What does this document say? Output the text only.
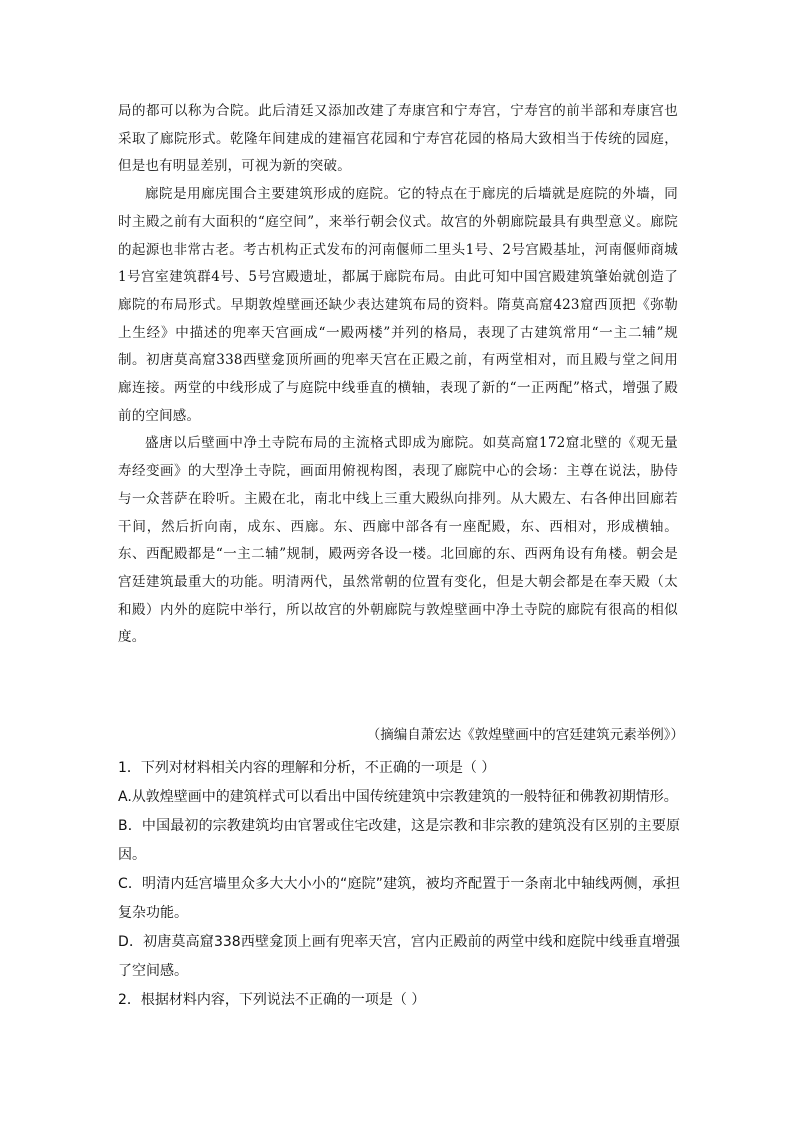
局的都可以称为合院。此后清廷又添加改建了寿康宫和宁寿宫，宁寿宫的前半部和寿康宫也采取了廊院形式。乾隆年间建成的建福宫花园和宁寿宫花园的格局大致相当于传统的园庭，但是也有明显差别，可视为新的突破。

廊院是用廊庑围合主要建筑形成的庭院。它的特点在于廊庑的后墙就是庭院的外墙，同时主殿之前有大面积的“庭空间”，来举行朝会仪式。故宫的外朝廊院最具有典型意义。廊院的起源也非常古老。考古机构正式发布的河南偃师二里头1号、2号宫殿基址，河南偃师商城1号宫室建筑群4号、5号宫殿遗址，都属于廊院布局。由此可知中国宫殿建筑肇始就创造了廊院的布局形式。早期敦煌壁画还缺少表达建筑布局的资料。隋莫高窟423窟西顶把《弥勒上生经》中描述的兜率天宫画成“一殿两楼”并列的格局，表现了古建筑常用“一主二辅”规制。初唐莫高窟338西壁龛顶所画的兜率天宫在正殿之前，有两堂相对，而且殿与堂之间用廊连接。两堂的中线形成了与庭院中线垂直的横轴，表现了新的“一正两配”格式，增强了殿前的空间感。

盛唐以后壁画中净土寺院布局的主流格式即成为廊院。如莫高窟172窟北壁的《观无量寿经变画》的大型净土寺院，画面用俯视构图，表现了廊院中心的会场：主尊在说法，胁侍与一众菩萨在聆听。主殿在北，南北中线上三重大殿纵向排列。从大殿左、右各伸出回廊若干间，然后折向南，成东、西廊。东、西廊中部各有一座配殿，东、西相对，形成横轴。东、西配殿都是“一主二辅”规制，殿两旁各设一楼。北回廊的东、西两角设有角楼。朝会是宫廷建筑最重大的功能。明清两代，虽然常朝的位置有变化，但是大朝会都是在奉天殿（太和殿）内外的庭院中举行，所以故宫的外朝廊院与敦煌壁画中净土寺院的廊院有很高的相似度。

（摘编自萧宏达《敦煌壁画中的宫廷建筑元素举例》）

1．下列对材料相关内容的理解和分析，不正确的一项是（ ）

A.从敦煌壁画中的建筑样式可以看出中国传统建筑中宗教建筑的一般特征和佛教初期情形。

B．中国最初的宗教建筑均由官署或住宅改建，这是宗教和非宗教的建筑没有区别的主要原因。

C．明清内廷宫墙里众多大大小小的“庭院”建筑，被均齐配置于一条南北中轴线两侧，承担复杂功能。

D．初唐莫高窟338西壁龛顶上画有兜率天宫，宫内正殿前的两堂中线和庭院中线垂直增强了空间感。

2．根据材料内容，下列说法不正确的一项是（ ）
